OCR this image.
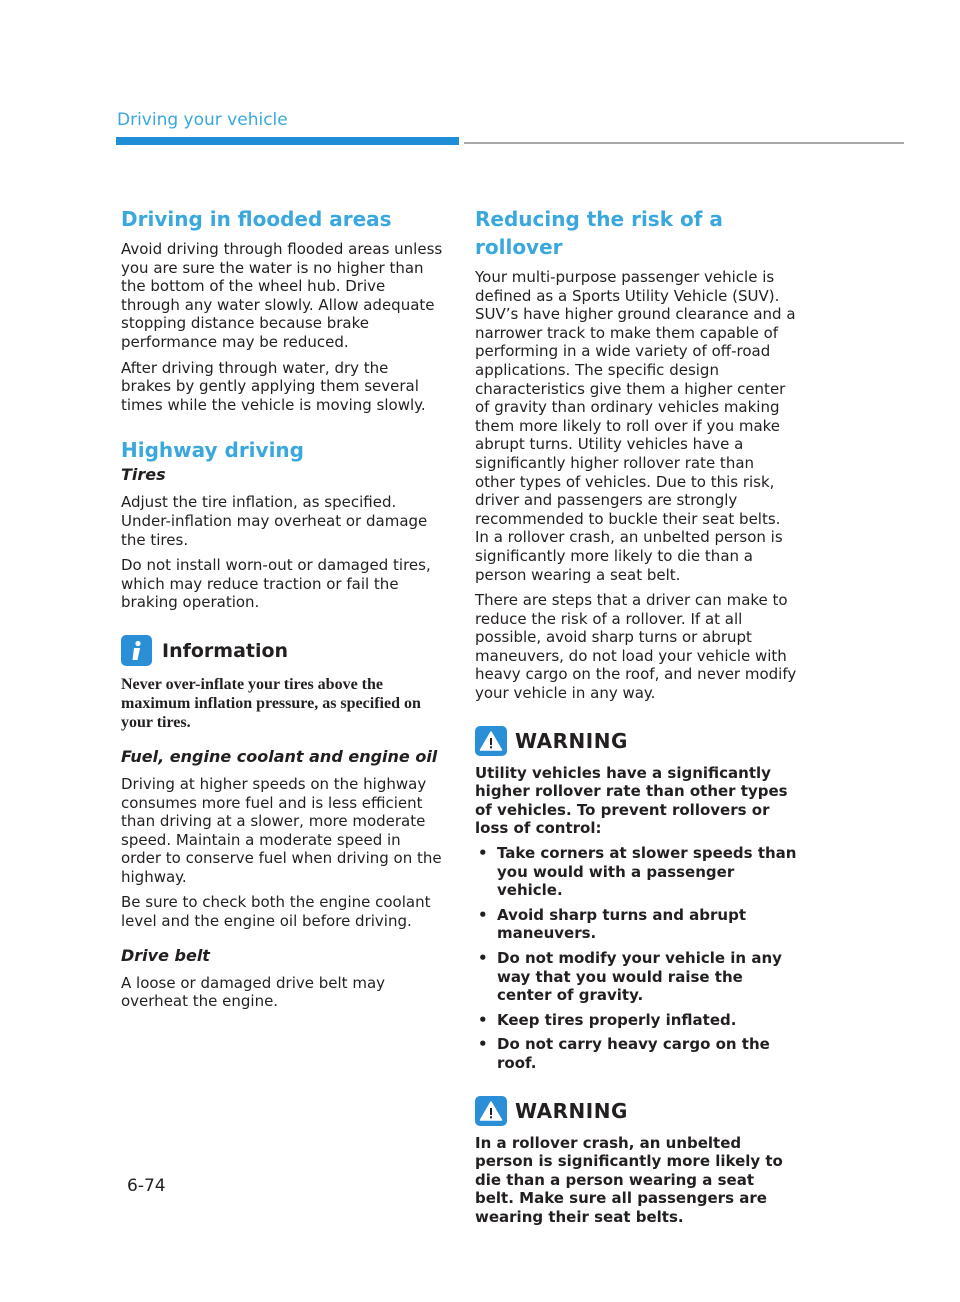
Driving your vehicle
Driving in flooded areas

Avoid driving through flooded areas unless you are sure the water is no higher than the bottom of the wheel hub. Drive through any water slowly. Allow adequate stopping distance because brake performance may be reduced.

After driving through water, dry the brakes by gently applying them several times while the vehicle is moving slowly.

Highway driving
Tires

Adjust the tire inflation, as specified. Under-inflation may overheat or damage the tires.

Do not install worn-out or damaged tires, which may reduce traction or fail the braking operation.

Information

Never over-inflate your tires above the maximum inflation pressure, as specified on your tires.

Fuel, engine coolant and engine oil

Driving at higher speeds on the highway consumes more fuel and is less efficient than driving at a slower, more moderate speed. Maintain a moderate speed in order to conserve fuel when driving on the highway.

Be sure to check both the engine coolant level and the engine oil before driving.

Drive belt

A loose or damaged drive belt may overheat the engine.

Reducing the risk of a rollover

Your multi-purpose passenger vehicle is defined as a Sports Utility Vehicle (SUV). SUV’s have higher ground clearance and a narrower track to make them capable of performing in a wide variety of off-road applications. The specific design characteristics give them a higher center of gravity than ordinary vehicles making them more likely to roll over if you make abrupt turns. Utility vehicles have a significantly higher rollover rate than other types of vehicles. Due to this risk, driver and passengers are strongly recommended to buckle their seat belts. In a rollover crash, an unbelted person is significantly more likely to die than a person wearing a seat belt.

There are steps that a driver can make to reduce the risk of a rollover. If at all possible, avoid sharp turns or abrupt maneuvers, do not load your vehicle with heavy cargo on the roof, and never modify your vehicle in any way.

WARNING

Utility vehicles have a significantly higher rollover rate than other types of vehicles. To prevent rollovers or loss of control:

• Take corners at slower speeds than you would with a passenger vehicle.
• Avoid sharp turns and abrupt maneuvers.
• Do not modify your vehicle in any way that you would raise the center of gravity.
• Keep tires properly inflated.
• Do not carry heavy cargo on the roof.
WARNING

In a rollover crash, an unbelted person is significantly more likely to die than a person wearing a seat belt. Make sure all passengers are wearing their seat belts.

6-74
